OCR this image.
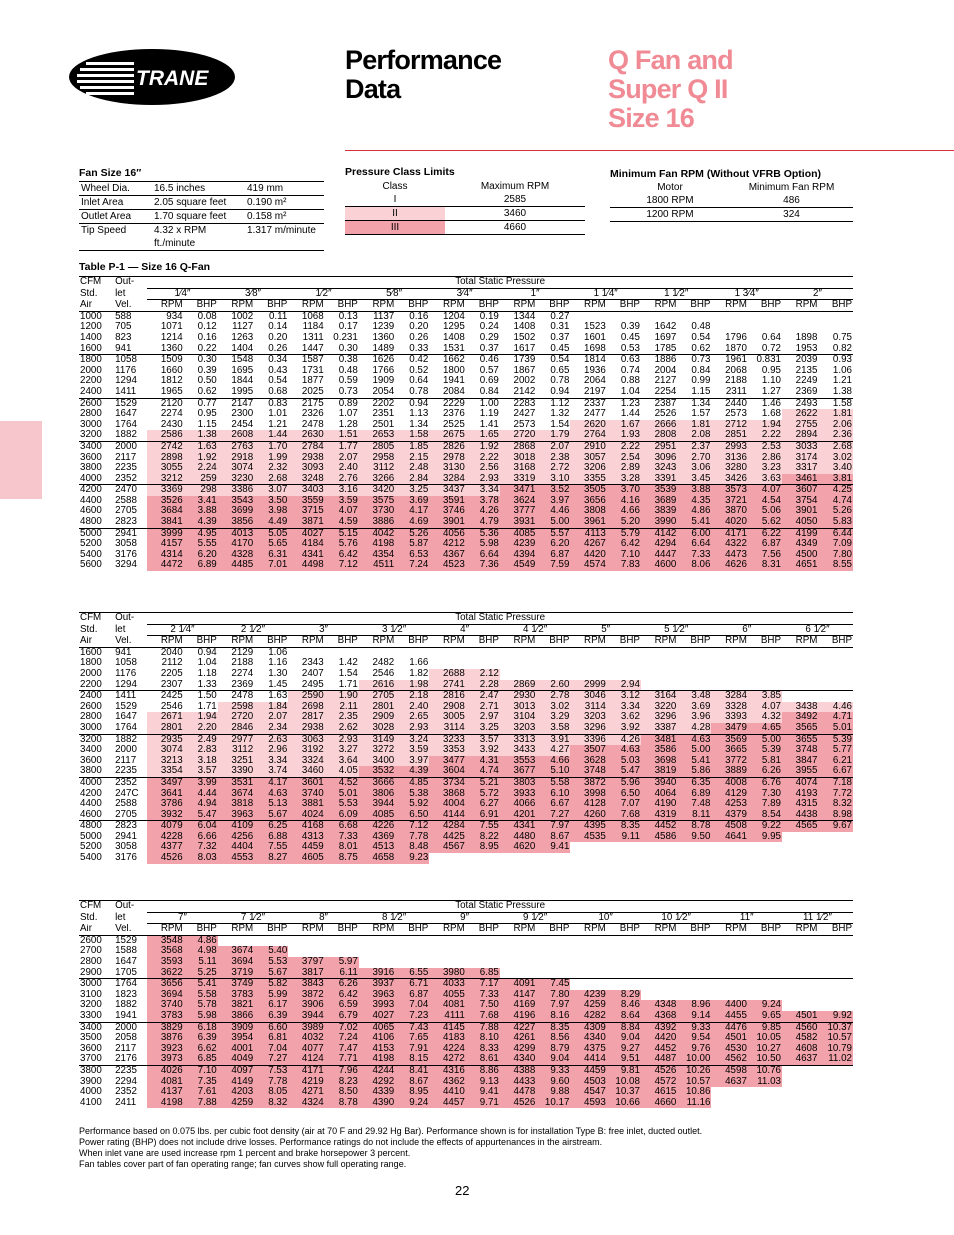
TRANE
Performance
Data
Q Fan and
Super Q II
Size 16
Fan Size 16″
Wheel Dia.	16.5 inches	419 mm
Inlet Area	2.05 square feet	0.190 m²
Outlet Area	1.70 square feet	0.158 m²
Tip Speed	4.32 x RPM ft./minute	1.317 m/minute
Pressure Class Limits
Class	Maximum RPM
I	2585
II	3460
III	4660
Minimum Fan RPM (Without VFRB Option)
Motor	Minimum Fan RPM
1800 RPM	486
1200 RPM	324
Table P-1 — Size 16 Q-Fan
CFM	Out-	Total Static Pressure																			
Std.	let	1⁄4″		3⁄8″		1⁄2″		5⁄8″		3⁄4″		1″		1 1⁄4″		1 1⁄2″		1 3⁄4″		2″	
Air	Vel.	RPM	BHP	RPM	BHP	RPM	BHP	RPM	BHP	RPM	BHP	RPM	BHP	RPM	BHP	RPM	BHP	RPM	BHP	RPM	BHP
1000	588	934	0.08	1002	0.11	1068	0.13	1137	0.16	1204	0.19	1344	0.27								
1200	705	1071	0.12	1127	0.14	1184	0.17	1239	0.20	1295	0.24	1408	0.31	1523	0.39	1642	0.48				
1400	823	1214	0.16	1263	0.20	1311	0.231	1360	0.26	1408	0.29	1502	0.37	1601	0.45	1697	0.54	1796	0.64	1898	0.75
1600	941	1360	0.22	1404	0.26	1447	0.30	1489	0.33	1531	0.37	1617	0.45	1698	0.53	1785	0.62	1870	0.72	1953	0.82
1800	1058	1509	0.30	1548	0.34	1587	0.38	1626	0.42	1662	0.46	1739	0.54	1814	0.63	1886	0.73	1961	0.831	2039	0.93
2000	1176	1660	0.39	1695	0.43	1731	0.48	1766	0.52	1800	0.57	1867	0.65	1936	0.74	2004	0.84	2068	0.95	2135	1.06
2200	1294	1812	0.50	1844	0.54	1877	0.59	1909	0.64	1941	0.69	2002	0.78	2064	0.88	2127	0.99	2188	1.10	2249	1.21
2400	1411	1965	0.62	1995	0.68	2025	0.73	2054	0.78	2084	0.84	2142	0.94	2197	1.04	2254	1.15	2311	1.27	2369	1.38
2600	1529	2120	0.77	2147	0.83	2175	0.89	2202	0.94	2229	1.00	2283	1.12	2337	1.23	2387	1.34	2440	1.46	2493	1.58
2800	1647	2274	0.95	2300	1.01	2326	1.07	2351	1.13	2376	1.19	2427	1.32	2477	1.44	2526	1.57	2573	1.68	2622	1.81
3000	1764	2430	1.15	2454	1.21	2478	1.28	2501	1.34	2525	1.41	2573	1.54	2620	1.67	2666	1.81	2712	1.94	2755	2.06
3200	1882	2586	1.38	2608	1.44	2630	1.51	2653	1.58	2675	1.65	2720	1.79	2764	1.93	2808	2.08	2851	2.22	2894	2.36
3400	2000	2742	1.63	2763	1.70	2784	1.77	2805	1.85	2826	1.92	2868	2.07	2910	2.22	2951	2.37	2993	2.53	3033	2.68
3600	2117	2898	1.92	2918	1.99	2938	2.07	2958	2.15	2978	2.22	3018	2.38	3057	2.54	3096	2.70	3136	2.86	3174	3.02
3800	2235	3055	2.24	3074	2.32	3093	2.40	3112	2.48	3130	2.56	3168	2.72	3206	2.89	3243	3.06	3280	3.23	3317	3.40
4000	2352	3212	259	3230	2.68	3248	2.76	3266	2.84	3284	2.93	3319	3.10	3355	3.28	3391	3.45	3426	3.63	3461	3.81
4200	2470	3369	298	3386	3.07	3403	3.16	3420	3.25	3437	3.34	3471	3.52	3505	3.70	3539	3.88	3573	4.07	3607	4.25
4400	2588	3526	3.41	3543	3.50	3559	3.59	3575	3.69	3591	3.78	3624	3.97	3656	4.16	3689	4.35	3721	4.54	3754	4.74
4600	2705	3684	3.88	3699	3.98	3715	4.07	3730	4.17	3746	4.26	3777	4.46	3808	4.66	3839	4.86	3870	5.06	3901	5.26
4800	2823	3841	4.39	3856	4.49	3871	4.59	3886	4.69	3901	4.79	3931	5.00	3961	5.20	3990	5.41	4020	5.62	4050	5.83
5000	2941	3999	4.95	4013	5.05	4027	5.15	4042	5.26	4056	5.36	4085	5.57	4113	5.79	4142	6.00	4171	6.22	4199	6.44
5200	3058	4157	5.55	4170	5.65	4184	5.76	4198	5.87	4212	5.98	4239	6.20	4267	6.42	4294	6.64	4322	6.87	4349	7.09
5400	3176	4314	6.20	4328	6.31	4341	6.42	4354	6.53	4367	6.64	4394	6.87	4420	7.10	4447	7.33	4473	7.56	4500	7.80
5600	3294	4472	6.89	4485	7.01	4498	7.12	4511	7.24	4523	7.36	4549	7.59	4574	7.83	4600	8.06	4626	8.31	4651	8.55
CFM	Out-	Total Static Pressure																			
Std.	let	2 1⁄4″		2 1⁄2″		3″		3 1⁄2″		4″		4 1⁄2″		5″		5 1⁄2″		6″		6 1⁄2″	
Air	Vel.	RPM	BHP	RPM	BHP	RPM	BHP	RPM	BHP	RPM	BHP	RPM	BHP	RPM	BHP	RPM	BHP	RPM	BHP	RPM	BHP
1600	941	2040	0.94	2129	1.06																
1800	1058	2112	1.04	2188	1.16	2343	1.42	2482	1.66												
2000	1176	2205	1.18	2274	1.30	2407	1.54	2546	1.82	2688	2.12										
2200	1294	2307	1.33	2369	1.45	2495	1.71	2616	1.98	2741	2.28	2869	2.60	2999	2.94						
2400	1411	2425	1.50	2478	1.63	2590	1.90	2705	2.18	2816	2.47	2930	2.78	3046	3.12	3164	3.48	3284	3.85		
2600	1529	2546	1.71	2598	1.84	2698	2.11	2801	2.40	2908	2.71	3013	3.02	3114	3.34	3220	3.69	3328	4.07	3438	4.46
2800	1647	2671	1.94	2720	2.07	2817	2.35	2909	2.65	3005	2.97	3104	3.29	3203	3.62	3296	3.96	3393	4.32	3492	4.71
3000	1764	2801	2.20	2846	2.34	2938	2.62	3028	2.93	3114	3.25	3203	3.58	3296	3.92	3387	4.28	3479	4.65	3565	5.01
3200	1882	2935	2.49	2977	2.63	3063	2.93	3149	3.24	3233	3.57	3313	3.91	3396	4.26	3481	4.63	3569	5.00	3655	5.39
3400	2000	3074	2.83	3112	2.96	3192	3.27	3272	3.59	3353	3.92	3433	4.27	3507	4.63	3586	5.00	3665	5.39	3748	5.77
3600	2117	3213	3.18	3251	3.34	3324	3.64	3400	3.97	3477	4.31	3553	4.66	3628	5.03	3698	5.41	3772	5.81	3847	6.21
3800	2235	3354	3.57	3390	3.74	3460	4.05	3532	4.39	3604	4.74	3677	5.10	3748	5.47	3819	5.86	3889	6.26	3955	6.67
4000	2352	3497	3.99	3531	4.17	3601	4.52	3666	4.85	3734	5.21	3803	5.58	3872	5.96	3940	6.35	4008	6.76	4074	7.18
4200	247C	3641	4.44	3674	4.63	3740	5.01	3806	5.38	3868	5.72	3933	6.10	3998	6.50	4064	6.89	4129	7.30	4193	7.72
4400	2588	3786	4.94	3818	5.13	3881	5.53	3944	5.92	4004	6.27	4066	6.67	4128	7.07	4190	7.48	4253	7.89	4315	8.32
4600	2705	3932	5.47	3963	5.67	4024	6.09	4085	6.50	4144	6.91	4201	7.27	4260	7.68	4319	8.11	4379	8.54	4438	8.98
4800	2823	4079	6.04	4109	6.25	4168	6.68	4226	7.12	4284	7.55	4341	7.97	4395	8.35	4452	8.78	4508	9.22	4565	9.67
5000	2941	4228	6.66	4256	6.88	4313	7.33	4369	7.78	4425	8.22	4480	8.67	4535	9.11	4586	9.50	4641	9.95		
5200	3058	4377	7.32	4404	7.55	4459	8.01	4513	8.48	4567	8.95	4620	9.41								
5400	3176	4526	8.03	4553	8.27	4605	8.75	4658	9.23												
CFM	Out-	Total Static Pressure																			
Std.	let	7″		7 1⁄2″		8″		8 1⁄2″		9″		9 1⁄2″		10″		10 1⁄2″		11″		11 1⁄2″	
Air	Vel.	RPM	BHP	RPM	BHP	RPM	BHP	RPM	BHP	RPM	BHP	RPM	BHP	RPM	BHP	RPM	BHP	RPM	BHP	RPM	BHP
2600	1529	3548	4.86																		
2700	1588	3568	4.98	3674	5.40																
2800	1647	3593	5.11	3694	5.53	3797	5.97														
2900	1705	3622	5.25	3719	5.67	3817	6.11	3916	6.55	3980	6.85										
3000	1764	3656	5.41	3749	5.82	3843	6.26	3937	6.71	4033	7.17	4091	7.45								
3100	1823	3694	5.58	3783	5.99	3872	6.42	3963	6.87	4055	7.33	4147	7.80	4239	8.29						
3200	1882	3740	5.78	3821	6.17	3906	6.59	3993	7.04	4081	7.50	4169	7.97	4259	8.46	4348	8.96	4400	9.24		
3300	1941	3783	5.98	3866	6.39	3944	6.79	4027	7.23	4111	7.68	4196	8.16	4282	8.64	4368	9.14	4455	9.65	4501	9.92
3400	2000	3829	6.18	3909	6.60	3989	7.02	4065	7.43	4145	7.88	4227	8.35	4309	8.84	4392	9.33	4476	9.85	4560	10.37
3500	2058	3876	6.39	3954	6.81	4032	7.24	4106	7.65	4183	8.10	4261	8.56	4340	9.04	4420	9.54	4501	10.05	4582	10.57
3600	2117	3923	6.62	4001	7.04	4077	7.47	4153	7.91	4224	8.33	4299	8.79	4375	9.27	4452	9.76	4530	10.27	4608	10.79
3700	2176	3973	6.85	4049	7.27	4124	7.71	4198	8.15	4272	8.61	4340	9.04	4414	9.51	4487	10.00	4562	10.50	4637	11.02
3800	2235	4026	7.10	4097	7.53	4171	7.96	4244	8.41	4316	8.86	4388	9.33	4459	9.81	4526	10.26	4598	10.76		
3900	2294	4081	7.35	4149	7.78	4219	8.23	4292	8.67	4362	9.13	4433	9.60	4503	10.08	4572	10.57	4637	11.03		
4000	2352	4137	7.61	4203	8.05	4271	8.50	4339	8.95	4410	9.41	4478	9.88	4547	10.37	4615	10.86				
4100	2411	4198	7.88	4259	8.32	4324	8.78	4390	9.24	4457	9.71	4526	10.17	4593	10.66	4660	11.16				
Performance based on 0.075 lbs. per cubic foot density (air at 70 F and 29.92 Hg Bar). Performance shown is for installation Type B: free inlet, ducted outlet.
Power rating (BHP) does not include drive losses. Performance ratings do not include the effects of appurtenances in the airstream.
When inlet vane are used increase rpm 1 percent and brake horsepower 3 percent.
Fan tables cover part of fan operating range; fan curves show full operating range.
22
